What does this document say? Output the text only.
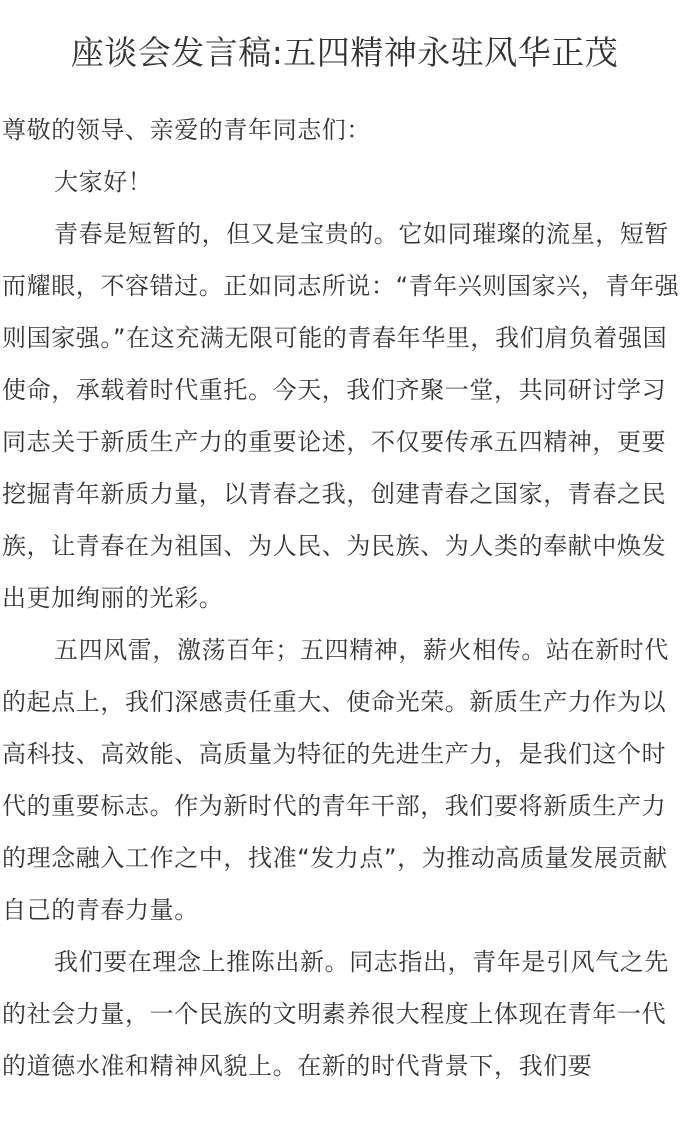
座谈会发言稿:五四精神永驻风华正茂

尊敬的领导、亲爱的青年同志们：

大家好！

青春是短暂的，但又是宝贵的。它如同璀璨的流星，短暂而耀眼，不容错过。正如同志所说：“青年兴则国家兴，青年强则国家强。”在这充满无限可能的青春年华里，我们肩负着强国使命，承载着时代重托。今天，我们齐聚一堂，共同研讨学习同志关于新质生产力的重要论述，不仅要传承五四精神，更要挖掘青年新质力量，以青春之我，创建青春之国家，青春之民族，让青春在为祖国、为人民、为民族、为人类的奉献中焕发出更加绚丽的光彩。

五四风雷，激荡百年；五四精神，薪火相传。站在新时代的起点上，我们深感责任重大、使命光荣。新质生产力作为以高科技、高效能、高质量为特征的先进生产力，是我们这个时代的重要标志。作为新时代的青年干部，我们要将新质生产力的理念融入工作之中，找准“发力点”，为推动高质量发展贡献自己的青春力量。

我们要在理念上推陈出新。同志指出，青年是引风气之先的社会力量，一个民族的文明素养很大程度上体现在青年一代的道德水准和精神风貌上。在新的时代背景下，我们要
